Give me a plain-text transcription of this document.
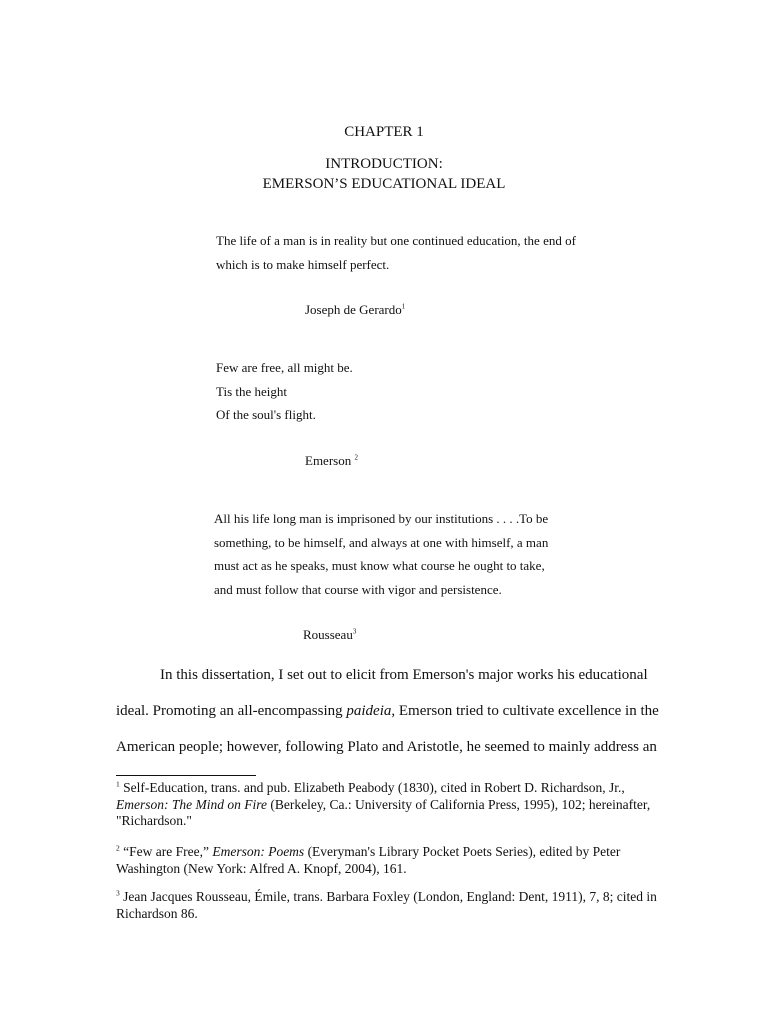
CHAPTER 1
INTRODUCTION:
EMERSON’S EDUCATIONAL IDEAL
The life of a man is in reality but one continued education, the end of
which is to make himself perfect.
Joseph de Gerardo$^1$
Few are free, all might be.
Tis the height
Of the soul's flight.
Emerson $^2$
All his life long man is imprisoned by our institutions . . . .To be
something, to be himself, and always at one with himself, a man
must act as he speaks, must know what course he ought to take,
and must follow that course with vigor and persistence.
Rousseau$^3$
In this dissertation, I set out to elicit from Emerson's major works his educational
ideal. Promoting an all-encompassing paideia, Emerson tried to cultivate excellence in the
American people; however, following Plato and Aristotle, he seemed to mainly address an
$^1$ Self-Education, trans. and pub. Elizabeth Peabody (1830), cited in Robert D. Richardson, Jr.,
Emerson: The Mind on Fire (Berkeley, Ca.: University of California Press, 1995), 102; hereinafter,
"Richardson."
$^2$ “Few are Free,” Emerson: Poems (Everyman's Library Pocket Poets Series), edited by Peter
Washington (New York: Alfred A. Knopf, 2004), 161.
$^3$ Jean Jacques Rousseau, Émile, trans. Barbara Foxley (London, England: Dent, 1911), 7, 8; cited in
Richardson 86.
